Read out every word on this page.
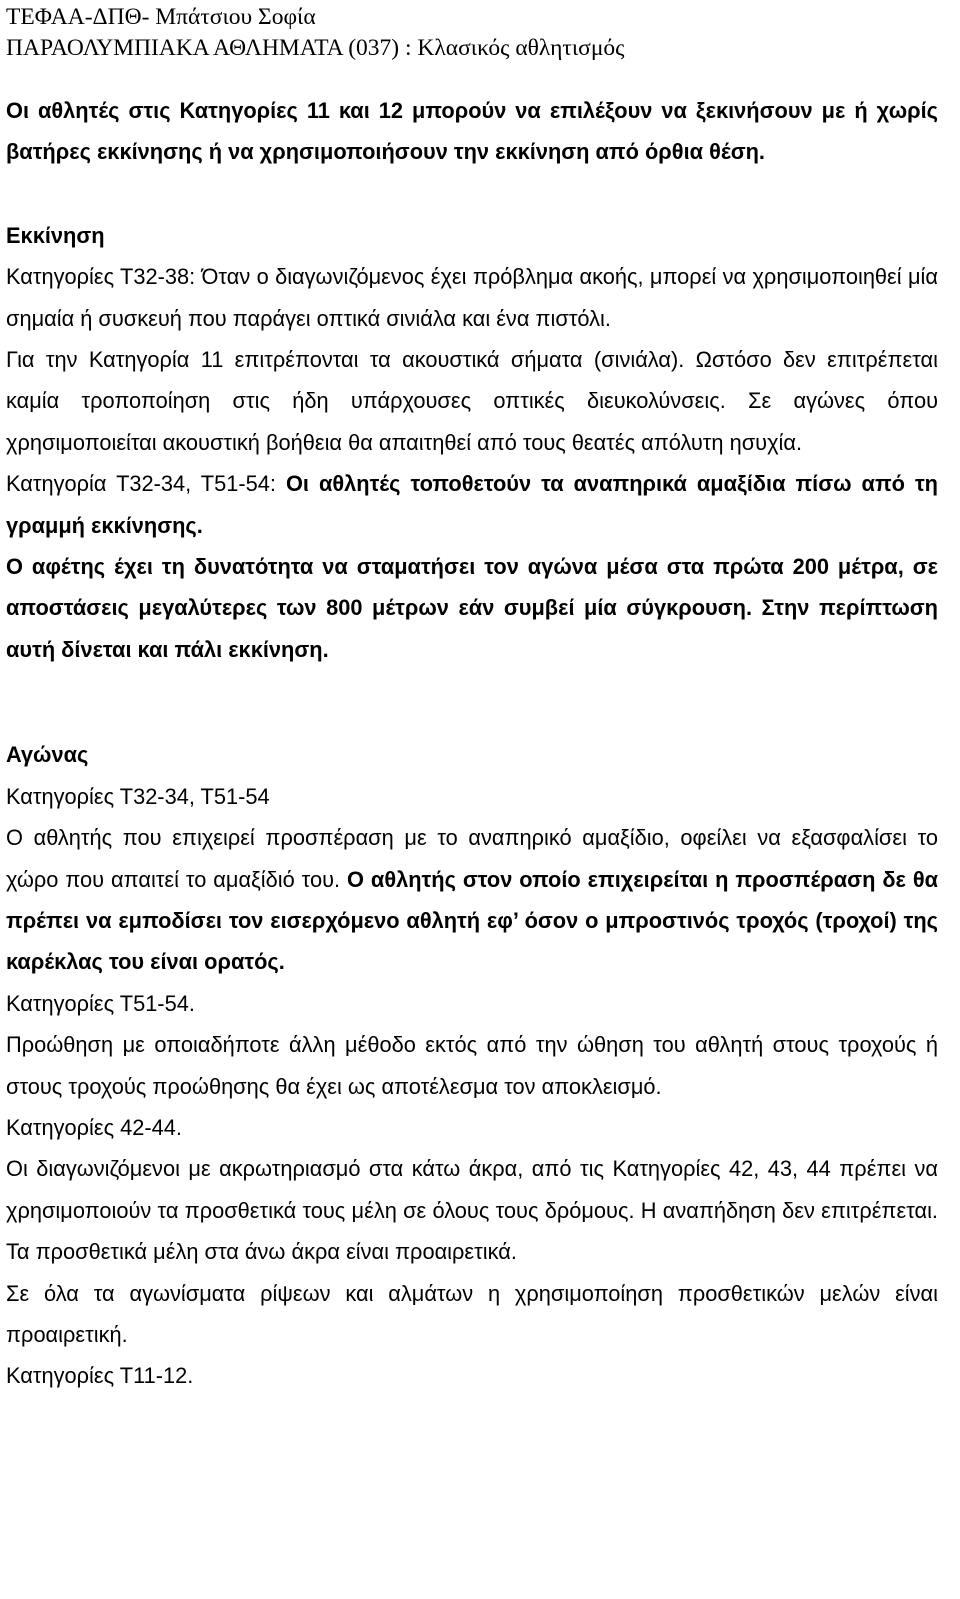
ΤΕΦΑΑ-ΔΠΘ- Μπάτσιου Σοφία
ΠΑΡΑΟΛΥΜΠΙΑΚΑ ΑΘΛΗΜΑΤΑ (037) : Κλασικός αθλητισμός

Οι αθλητές στις Κατηγορίες 11 και 12 μπορούν να επιλέξουν να ξεκινήσουν με ή χωρίς βατήρες εκκίνησης ή να χρησιμοποιήσουν την εκκίνηση από όρθια θέση.

Εκκίνηση

Κατηγορίες Τ32-38: Όταν ο διαγωνιζόμενος έχει πρόβλημα ακοής, μπορεί να χρησιμοποιηθεί μία σημαία ή συσκευή που παράγει οπτικά σινιάλα και ένα πιστόλι.

Για την Κατηγορία 11 επιτρέπονται τα ακουστικά σήματα (σινιάλα). Ωστόσο δεν επιτρέπεται καμία τροποποίηση στις ήδη υπάρχουσες οπτικές διευκολύνσεις. Σε αγώνες όπου χρησιμοποιείται ακουστική βοήθεια θα απαιτηθεί από τους θεατές απόλυτη ησυχία.

Κατηγορία Τ32-34, Τ51-54: Οι αθλητές τοποθετούν τα αναπηρικά αμαξίδια πίσω από τη γραμμή εκκίνησης.

Ο αφέτης έχει τη δυνατότητα να σταματήσει τον αγώνα μέσα στα πρώτα 200 μέτρα, σε αποστάσεις μεγαλύτερες των 800 μέτρων εάν συμβεί μία σύγκρουση. Στην περίπτωση αυτή δίνεται και πάλι εκκίνηση.

Αγώνας

Κατηγορίες Τ32-34, Τ51-54

Ο αθλητής που επιχειρεί προσπέραση με το αναπηρικό αμαξίδιο, οφείλει να εξασφαλίσει το χώρο που απαιτεί το αμαξίδιό του. Ο αθλητής στον οποίο επιχειρείται η προσπέραση δε θα πρέπει να εμποδίσει τον εισερχόμενο αθλητή εφ’ όσον ο μπροστινός τροχός (τροχοί) της καρέκλας του είναι ορατός.

Κατηγορίες Τ51-54.

Προώθηση με οποιαδήποτε άλλη μέθοδο εκτός από την ώθηση του αθλητή στους τροχούς ή στους τροχούς προώθησης θα έχει ως αποτέλεσμα τον αποκλεισμό.

Κατηγορίες 42-44.

Οι διαγωνιζόμενοι με ακρωτηριασμό στα κάτω άκρα, από τις Κατηγορίες 42, 43, 44 πρέπει να χρησιμοποιούν τα προσθετικά τους μέλη σε όλους τους δρόμους. Η αναπήδηση δεν επιτρέπεται. Τα προσθετικά μέλη στα άνω άκρα είναι προαιρετικά.

Σε όλα τα αγωνίσματα ρίψεων και αλμάτων η χρησιμοποίηση προσθετικών μελών είναι προαιρετική.

Κατηγορίες Τ11-12.
